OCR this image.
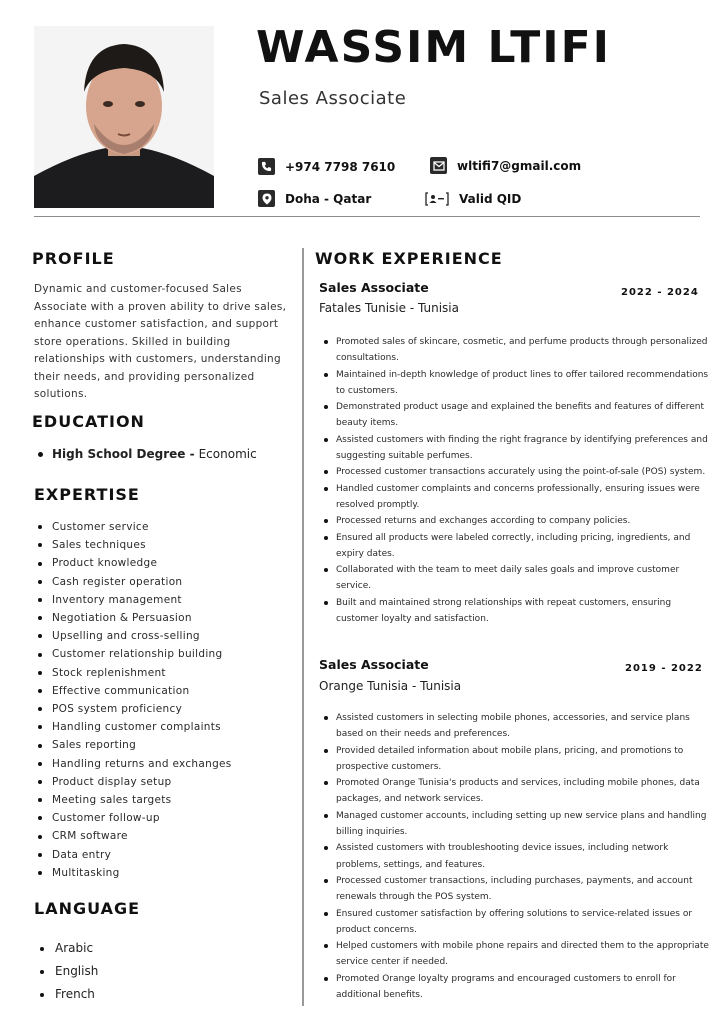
WASSIM LTIFI
Sales Associate
+974 7798 7610	wltifi7@gmail.com
Doha - Qatar	Valid QID
PROFILE

Dynamic and customer-focused Sales Associate with a proven ability to drive sales, enhance customer satisfaction, and support store operations. Skilled in building relationships with customers, understanding their needs, and providing personalized solutions.

EDUCATION
High School Degree - Economic
EXPERTISE
Customer service
Sales techniques
Product knowledge
Cash register operation
Inventory management
Negotiation & Persuasion
Upselling and cross-selling
Customer relationship building
Stock replenishment
Effective communication
POS system proficiency
Handling customer complaints
Sales reporting
Handling returns and exchanges
Product display setup
Meeting sales targets
Customer follow-up
CRM software
Data entry
Multitasking
LANGUAGE
Arabic
English
French
WORK EXPERIENCE
Sales Associate	2022 - 2024
Fatales Tunisie - Tunisia
Promoted sales of skincare, cosmetic, and perfume products through personalized consultations.
Maintained in-depth knowledge of product lines to offer tailored recommendations to customers.
Demonstrated product usage and explained the benefits and features of different beauty items.
Assisted customers with finding the right fragrance by identifying preferences and suggesting suitable perfumes.
Processed customer transactions accurately using the point-of-sale (POS) system.
Handled customer complaints and concerns professionally, ensuring issues were resolved promptly.
Processed returns and exchanges according to company policies.
Ensured all products were labeled correctly, including pricing, ingredients, and expiry dates.
Collaborated with the team to meet daily sales goals and improve customer service.
Built and maintained strong relationships with repeat customers, ensuring customer loyalty and satisfaction.
Sales Associate	2019 - 2022
Orange Tunisia - Tunisia
Assisted customers in selecting mobile phones, accessories, and service plans based on their needs and preferences.
Provided detailed information about mobile plans, pricing, and promotions to prospective customers.
Promoted Orange Tunisia's products and services, including mobile phones, data packages, and network services.
Managed customer accounts, including setting up new service plans and handling billing inquiries.
Assisted customers with troubleshooting device issues, including network problems, settings, and features.
Processed customer transactions, including purchases, payments, and account renewals through the POS system.
Ensured customer satisfaction by offering solutions to service-related issues or product concerns.
Helped customers with mobile phone repairs and directed them to the appropriate service center if needed.
Promoted Orange loyalty programs and encouraged customers to enroll for additional benefits.
